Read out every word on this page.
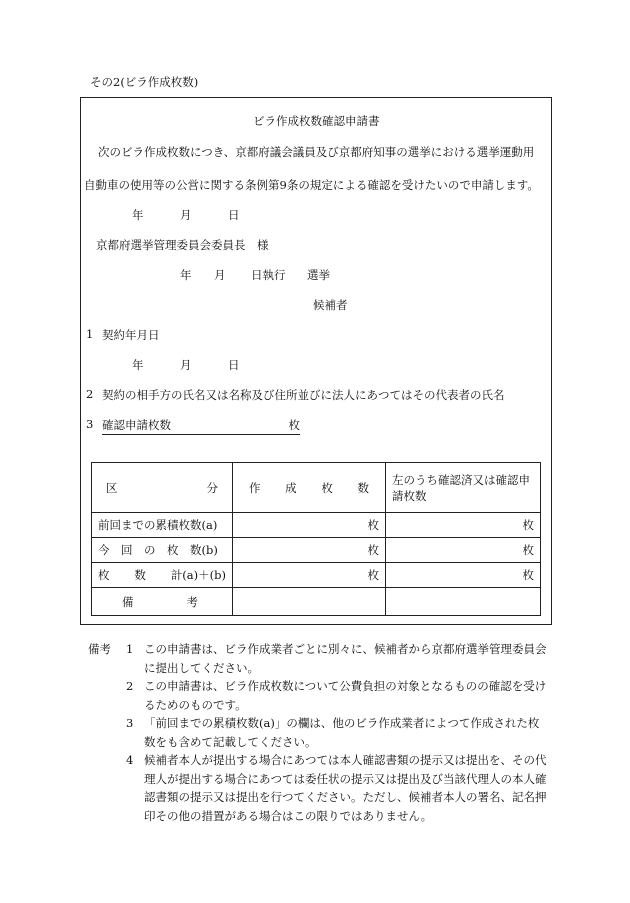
その2(ビラ作成枚数)
ビラ作成枚数確認申請書
次のビラ作成枚数につき、京都府議会議員及び京都府知事の選挙における選挙運動用
自動車の使用等の公営に関する条例第9条の規定による確認を受けたいので申請します。
年	月	日
京都府選挙管理委員会委員長　様
年 月 日執行 選挙
候補者
1 契約年月日
年	月	日
2 契約の相手方の氏名又は名称及び住所並びに法人にあつてはその代表者の氏名
3 確認申請枚数	枚
区 分	作 成 枚 数	左のうち確認済又は確認申請枚数
前回までの累積枚数(a)	枚	枚
今　回　の　枚　数(b)	枚	枚

枚 数 計(a)＋(b)	枚	枚

備 考		

備考	1 この申請書は、ビラ作成業者ごとに別々に、候補者から京都府選挙管理委員会に提出してください。
2 この申請書は、ビラ作成枚数について公費負担の対象となるものの確認を受けるためのものです。
3 「前回までの累積枚数(a)」の欄は、他のビラ作成業者によつて作成された枚数をも含めて記載してください。
4 候補者本人が提出する場合にあつては本人確認書類の提示又は提出を、その代理人が提出する場合にあつては委任状の提示又は提出及び当該代理人の本人確認書類の提示又は提出を行つてください。ただし、候補者本人の署名、記名押印その他の措置がある場合はこの限りではありません。
